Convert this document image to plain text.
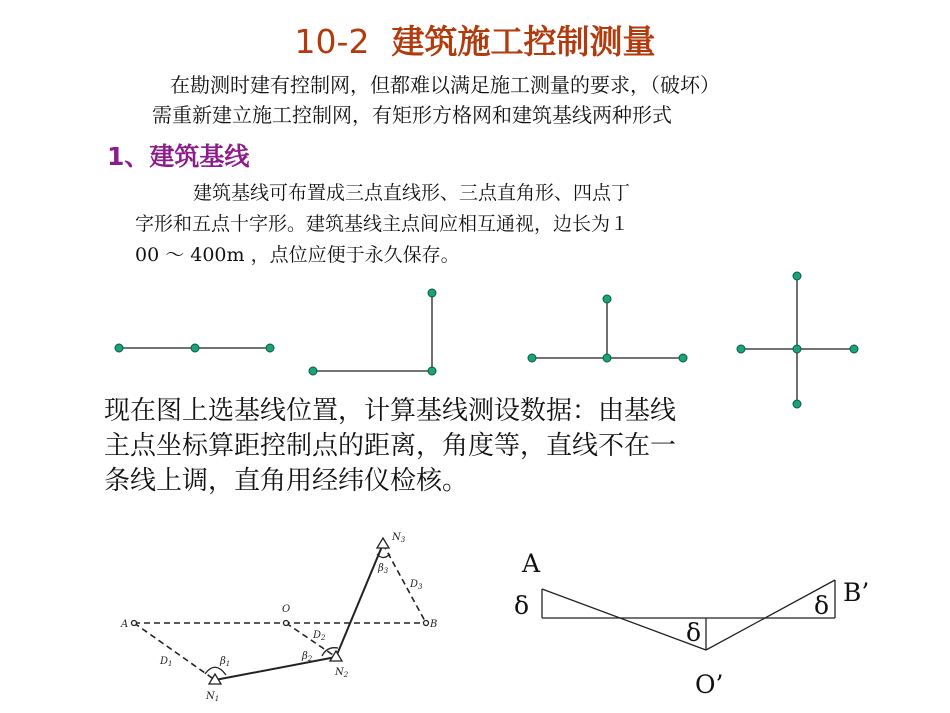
10-2 建筑施工控制测量

在勘测时建有控制网，但都难以满足施工测量的要求，（破坏）
需重新建立施工控制网，有矩形方格网和建筑基线两种形式

1、建筑基线

建筑基线可布置成三点直线形、三点直角形、四点丁
字形和五点十字形。建筑基线主点间应相互通视，边长为１
00 ～ 400m ，点位应便于永久保存。

A
O
B
$N_1$
$N_2$
$N_3$
$D_1$
$D_2$
$D_3$
$\beta_1$
$\beta_2$
$\beta_3$	A
B’
O’
δ
δ
δ

现在图上选基线位置，计算基线测设数据：由基线
主点坐标算距控制点的距离，角度等，直线不在一
条线上调，直角用经纬仪检核。
